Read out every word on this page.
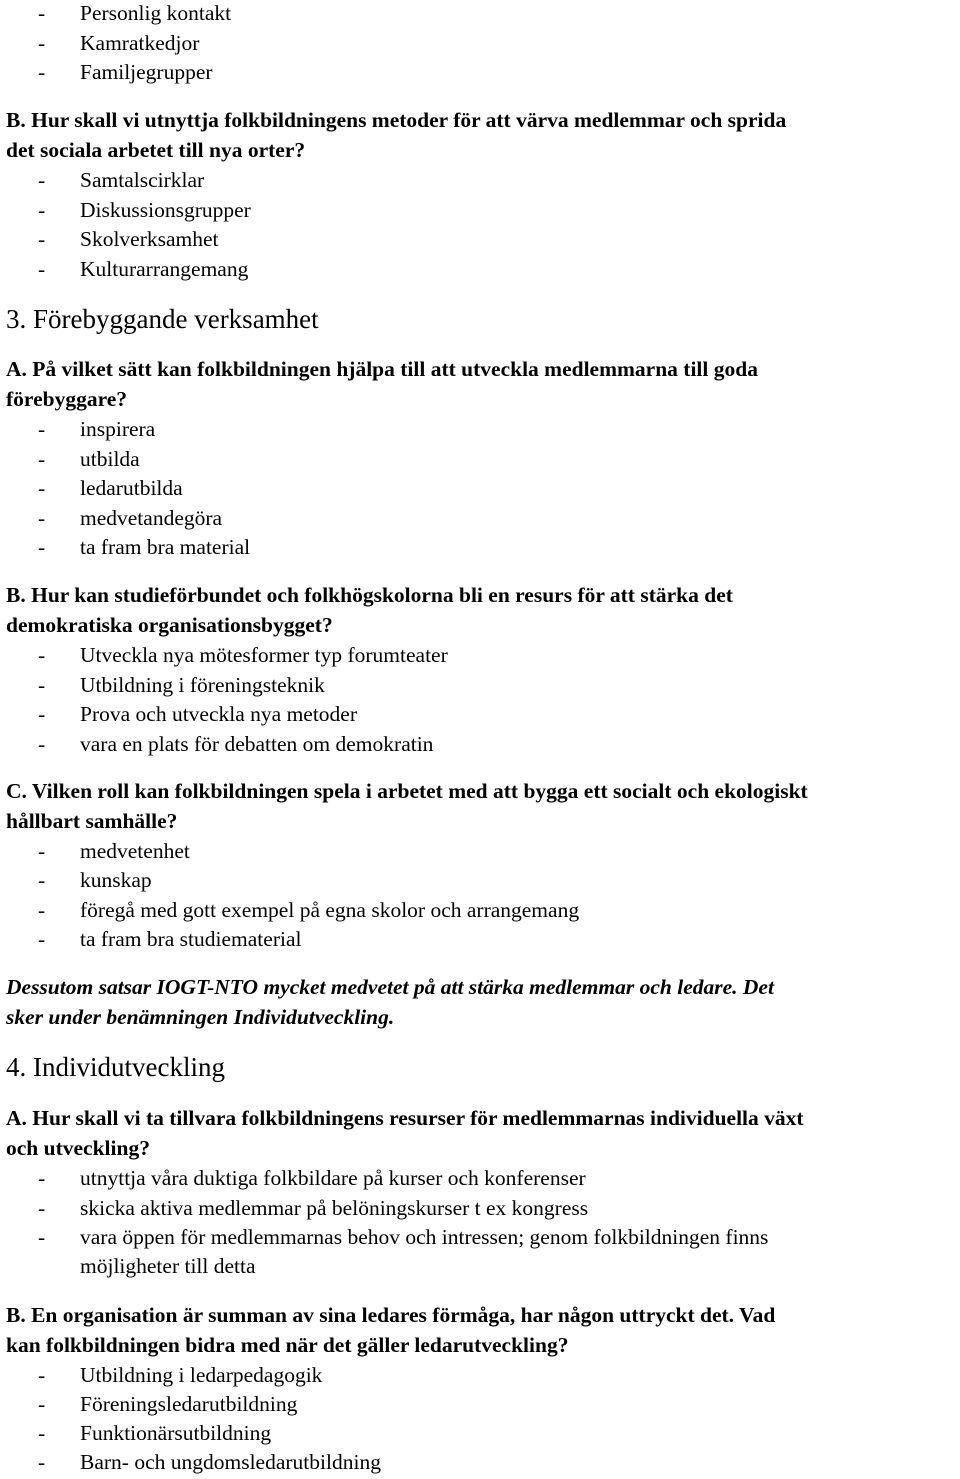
- Personlig kontakt
- Kamratkedjor
- Familjegrupper
B. Hur skall vi utnyttja folkbildningens metoder för att värva medlemmar och sprida
det sociala arbetet till nya orter?
- Samtalscirklar
- Diskussionsgrupper
- Skolverksamhet
- Kulturarrangemang
3. Förebyggande verksamhet
A. På vilket sätt kan folkbildningen hjälpa till att utveckla medlemmarna till goda
förebyggare?
- inspirera
- utbilda
- ledarutbilda
- medvetandegöra
- ta fram bra material
B. Hur kan studieförbundet och folkhögskolorna bli en resurs för att stärka det
demokratiska organisationsbygget?
- Utveckla nya mötesformer typ forumteater
- Utbildning i föreningsteknik
- Prova och utveckla nya metoder
- vara en plats för debatten om demokratin
C. Vilken roll kan folkbildningen spela i arbetet med att bygga ett socialt och ekologiskt
hållbart samhälle?
- medvetenhet
- kunskap
- föregå med gott exempel på egna skolor och arrangemang
- ta fram bra studiematerial
Dessutom satsar IOGT-NTO mycket medvetet på att stärka medlemmar och ledare. Det
sker under benämningen Individutveckling.
4. Individutveckling
A. Hur skall vi ta tillvara folkbildningens resurser för medlemmarnas individuella växt
och utveckling?
- utnyttja våra duktiga folkbildare på kurser och konferenser
- skicka aktiva medlemmar på belöningskurser t ex kongress
- vara öppen för medlemmarnas behov och intressen; genom folkbildningen finns
möjligheter till detta
B. En organisation är summan av sina ledares förmåga, har någon uttryckt det. Vad
kan folkbildningen bidra med när det gäller ledarutveckling?
- Utbildning i ledarpedagogik
- Föreningsledarutbildning
- Funktionärsutbildning
- Barn- och ungdomsledarutbildning
